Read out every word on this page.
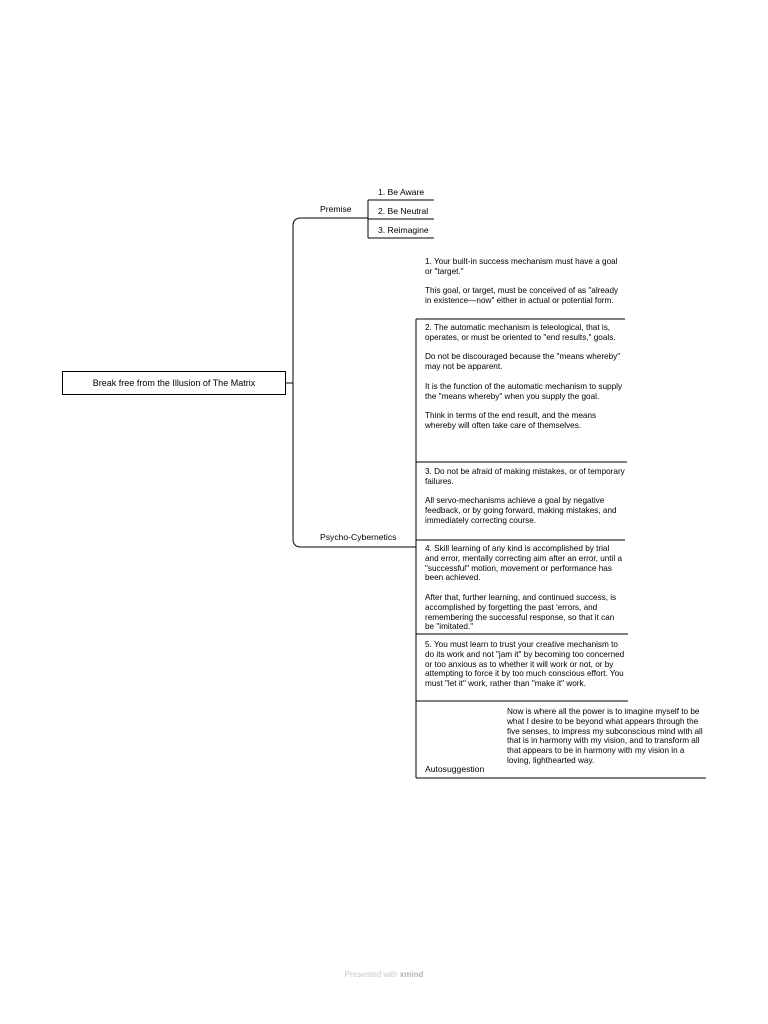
Break free from the Illusion of The Matrix
Premise
1. Be Aware
2. Be Neutral
3. Reimagine
Psycho-Cybernetics

1. Your built-in success mechanism must have a goal or "target."

This goal, or target, must be conceived of as "already in existence—now" either in actual or potential form.

2. The automatic mechanism is teleological, that is, operates, or must be oriented to "end results," goals.

Do not be discouraged because the "means whereby" may not be apparent.

It is the function of the automatic mechanism to supply the "means whereby" when you supply the goal.

Think in terms of the end result, and the means whereby will often take care of themselves.

3. Do not be afraid of making mistakes, or of temporary failures.

All servo-mechanisms achieve a goal by negative feedback, or by going forward, making mistakes, and immediately correcting course.

4. Skill learning of any kind is accomplished by trial and error, mentally correcting aim after an error, until a "successful" motion, movement or performance has been achieved.

After that, further learning, and continued success, is accomplished by forgetting the past 'errors, and remembering the successful response, so that it can be "imitated."

5. You must learn to trust your creative mechanism to do its work and not "jam it" by becoming too concerned or too anxious as to whether it will work or not, or by attempting to force it by too much conscious effort. You must "let it" work, rather than "make it" work.

Autosuggestion

Now is where all the power is to imagine myself to be what I desire to be beyond what appears through the five senses, to impress my subconscious mind with all that is in harmony with my vision, and to transform all that appears to be in harmony with my vision in a loving, lighthearted way.

Presented with xmind
